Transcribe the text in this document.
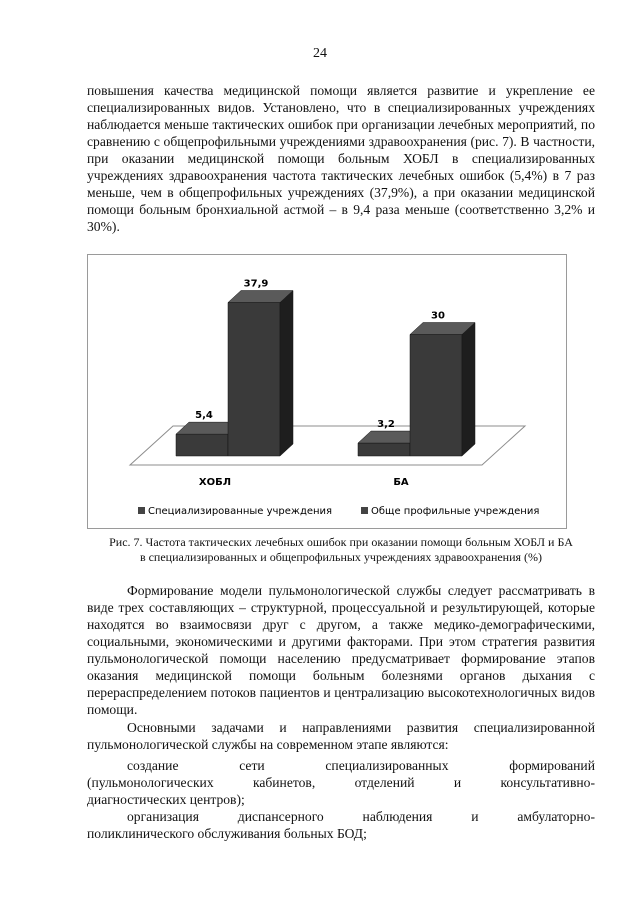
24
повышения качества медицинской помощи является развитие и укрепление ее специализированных видов. Установлено, что в специализированных учреждениях наблюдается меньше тактических ошибок при организации лечебных мероприятий, по сравнению с общепрофильными учреждениями здравоохранения (рис. 7). В частности, при оказании медицинской помощи больным ХОБЛ в специализированных учреждениях здравоохранения частота тактических лечебных ошибок (5,4%) в 7 раз меньше, чем в общепрофильных учреждениях (37,9%), а при оказании медицинской помощи больным бронхиальной астмой – в 9,4 раза меньше (соответственно 3,2% и 30%).
5,4
37,9
3,2
30
ХОБЛ	БА
Специализированные учреждения	Обще профильные учреждения
Рис. 7. Частота тактических лечебных ошибок при оказании помощи больным ХОБЛ и БА
в специализированных и общепрофильных учреждениях здравоохранения (%)
Формирование модели пульмонологической службы следует рассматривать в виде трех составляющих – структурной, процессуальной и результирующей, которые находятся во взаимосвязи друг с другом, а также медико-демографическими, социальными, экономическими и другими факторами. При этом стратегия развития пульмонологической помощи населению предусматривает формирование этапов оказания медицинской помощи больным болезнями органов дыхания с перераспределением потоков пациентов и централизацию высокотехнологичных видов помощи.
Основными задачами и направлениями развития специализированной пульмонологической службы на современном этапе являются:
создание	сети	специализированных	формирований
(пульмонологических	кабинетов,	отделений	и	консультативно-
диагностических центров);
организация	диспансерного	наблюдения	и	амбулаторно-
поликлинического обслуживания больных БОД;
